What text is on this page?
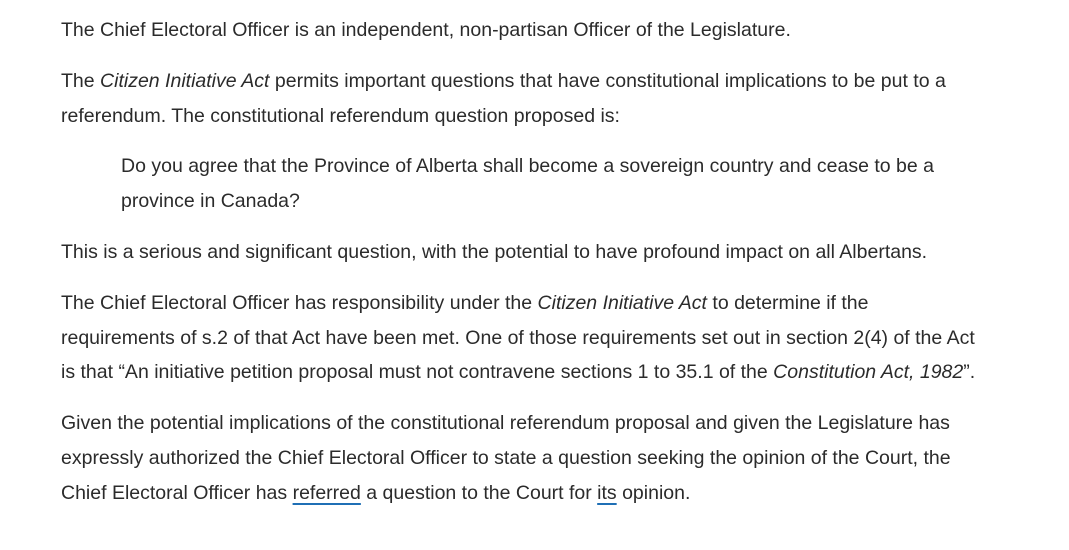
The Chief Electoral Officer is an independent, non-partisan Officer of the Legislature.

The Citizen Initiative Act permits important questions that have constitutional implications to be put to a referendum. The constitutional referendum question proposed is:

Do you agree that the Province of Alberta shall become a sovereign country and cease to be a province in Canada?

This is a serious and significant question, with the potential to have profound impact on all Albertans.

The Chief Electoral Officer has responsibility under the Citizen Initiative Act to determine if the requirements of s.2 of that Act have been met. One of those requirements set out in section 2(4) of the Act is that “An initiative petition proposal must not contravene sections 1 to 35.1 of the Constitution Act, 1982”.

Given the potential implications of the constitutional referendum proposal and given the Legislature has expressly authorized the Chief Electoral Officer to state a question seeking the opinion of the Court, the Chief Electoral Officer has referred a question to the Court for its opinion.
